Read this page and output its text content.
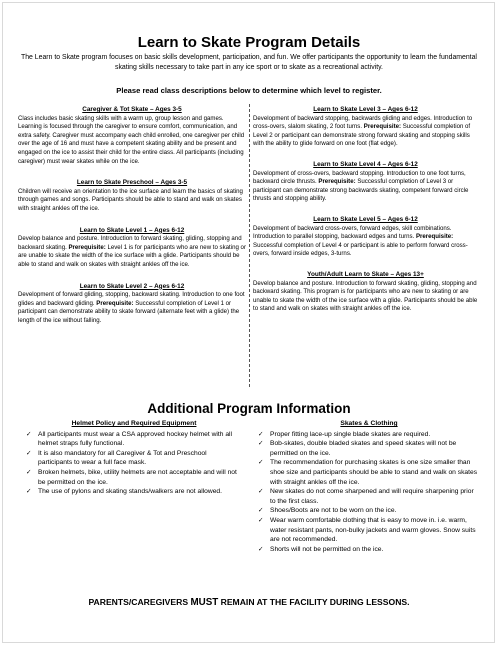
Learn to Skate Program Details
The Learn to Skate program focuses on basic skills development, participation, and fun. We offer participants the opportunity to learn the fundamental skating skills necessary to take part in any ice sport or to skate as a recreational activity.
Please read class descriptions below to determine which level to register.
Caregiver & Tot Skate – Ages 3-5
Class includes basic skating skills with a warm up, group lesson and games. Learning is focused through the caregiver to ensure comfort, communication, and extra safety. Caregiver must accompany each child enrolled, one caregiver per child over the age of 16 and must have a competent skating ability and be present and engaged on the ice to assist their child for the entire class. All participants (including caregiver) must wear skates while on the ice.
Learn to Skate Preschool – Ages 3-5
Children will receive an orientation to the ice surface and learn the basics of skating through games and songs. Participants should be able to stand and walk on skates with straight ankles off the ice.
Learn to Skate Level 1 – Ages 6-12
Develop balance and posture. Introduction to forward skating, gliding, stopping and backward skating. Prerequisite: Level 1 is for participants who are new to skating or are unable to skate the width of the ice surface with a glide. Participants should be able to stand and walk on skates with straight ankles off the ice.
Learn to Skate Level 2 – Ages 6-12
Development of forward gliding, stopping, backward skating. Introduction to one foot glides and backward gliding. Prerequisite: Successful completion of Level 1 or participant can demonstrate ability to skate forward (alternate feet with a glide) the length of the ice without falling.
Learn to Skate Level 3 – Ages 6-12
Development of backward stopping, backwards gliding and edges. Introduction to cross-overs, slalom skating, 2 foot turns. Prerequisite: Successful completion of Level 2 or participant can demonstrate strong forward skating and stopping skills with the ability to glide forward on one foot (flat edge).
Learn to Skate Level 4 – Ages 6-12
Development of cross-overs, backward stopping. Introduction to one foot turns, backward circle thrusts. Prerequisite: Successful completion of Level 3 or participant can demonstrate strong backwards skating, competent forward circle thrusts and stopping ability.
Learn to Skate Level 5 – Ages 6-12
Development of backward cross-overs, forward edges, skill combinations. Introduction to parallel stopping, backward edges and turns. Prerequisite: Successful completion of Level 4 or participant is able to perform forward cross-overs, forward inside edges, 3-turns.
Youth/Adult Learn to Skate – Ages 13+
Develop balance and posture. Introduction to forward skating, gliding, stopping and backward skating. This program is for participants who are new to skating or are unable to skate the width of the ice surface with a glide. Participants should be able to stand and walk on skates with straight ankles off the ice.
Additional Program Information
Helmet Policy and Required Equipment
✓ All participants must wear a CSA approved hockey helmet with all helmet straps fully functional.
✓ It is also mandatory for all Caregiver & Tot and Preschool participants to wear a full face mask.
✓ Broken helmets, bike, utility helmets are not acceptable and will not be permitted on the ice.
✓ The use of pylons and skating stands/walkers are not allowed.
Skates & Clothing
✓ Proper fitting lace-up single blade skates are required.
✓ Bob-skates, double bladed skates and speed skates will not be permitted on the ice.
✓ The recommendation for purchasing skates is one size smaller than shoe size and participants should be able to stand and walk on skates with straight ankles off the ice.
✓ New skates do not come sharpened and will require sharpening prior to the first class.
✓ Shoes/Boots are not to be worn on the ice.
✓ Wear warm comfortable clothing that is easy to move in. i.e. warm, water resistant pants, non-bulky jackets and warm gloves. Snow suits are not recommended.
✓ Shorts will not be permitted on the ice.
PARENTS/CAREGIVERS MUST REMAIN AT THE FACILITY DURING LESSONS.
